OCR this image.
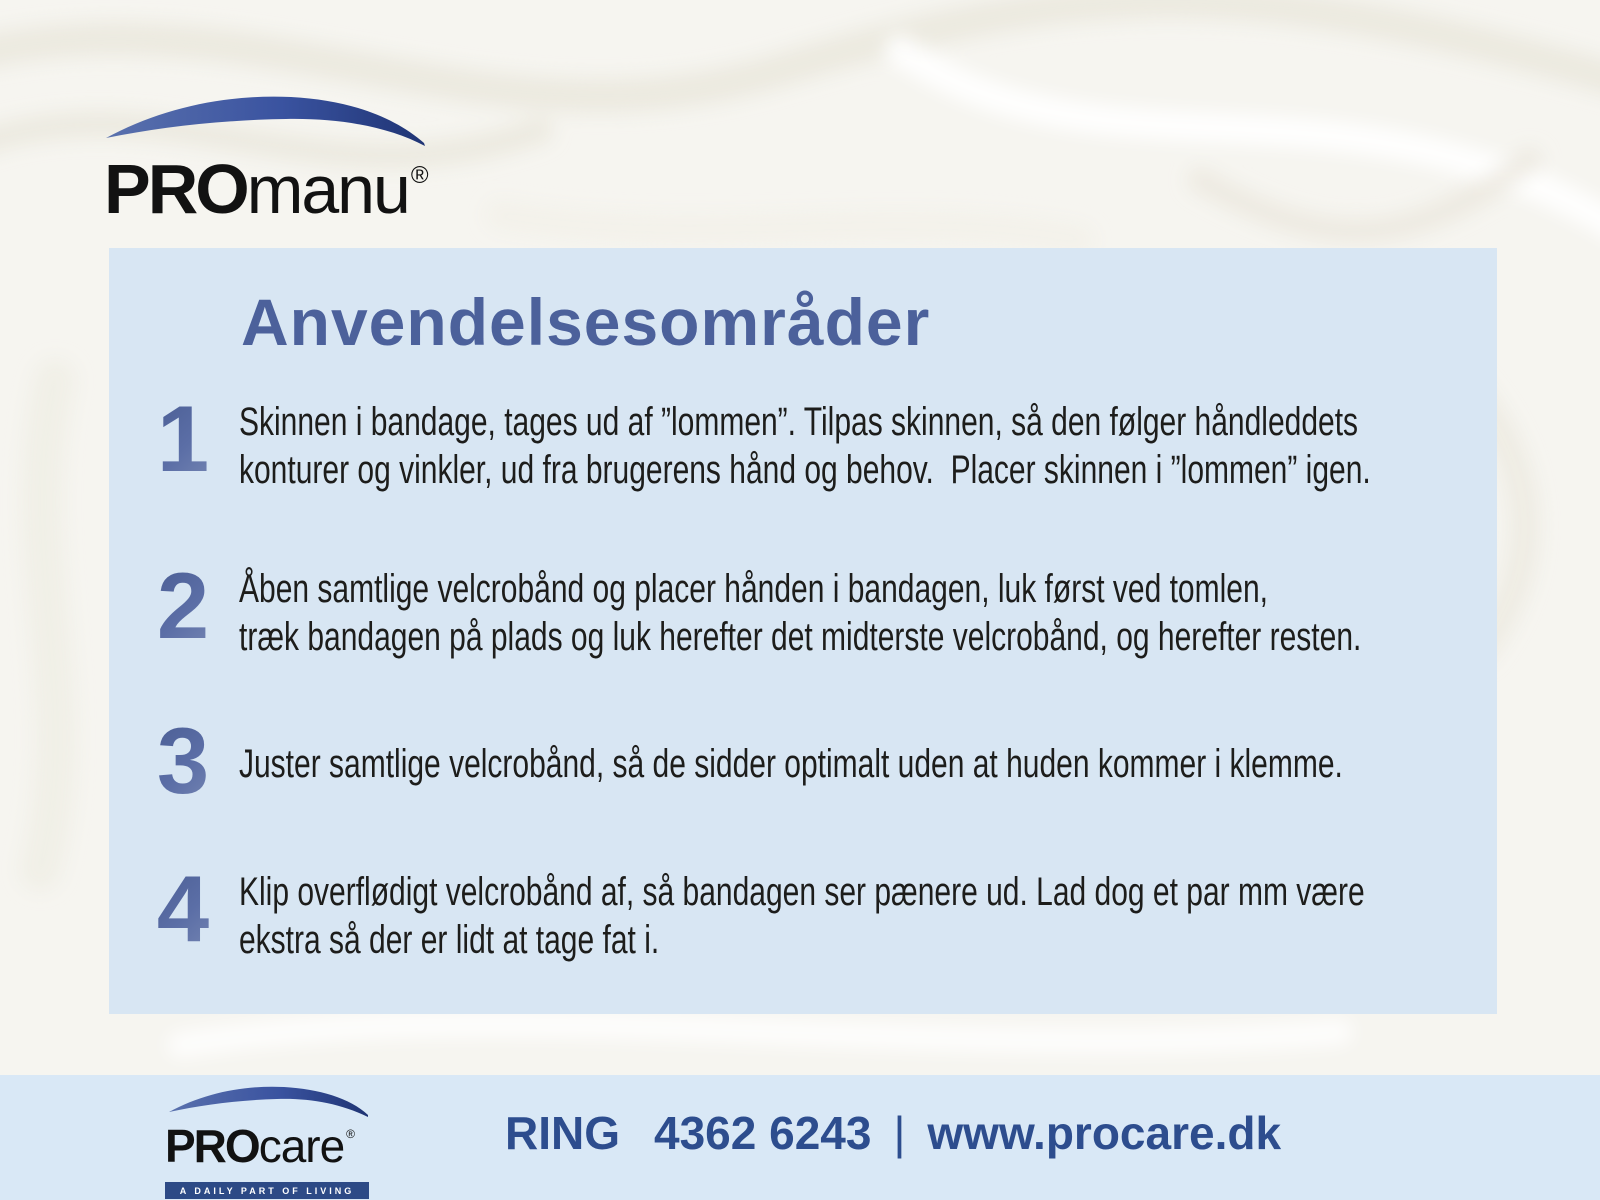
PROmanu®
Anvendelsesområder
1 Skinnen i bandage, tages ud af ”lommen”. Tilpas skinnen, så den følger håndleddets
konturer og vinkler, ud fra brugerens hånd og behov.  Placer skinnen i ”lommen” igen.
2 Åben samtlige velcrobånd og placer hånden i bandagen, luk først ved tomlen,
træk bandagen på plads og luk herefter det midterste velcrobånd, og herefter resten.
3 Juster samtlige velcrobånd, så de sidder optimalt uden at huden kommer i klemme.
4 Klip overflødigt velcrobånd af, så bandagen ser pænere ud. Lad dog et par mm være
ekstra så der er lidt at tage fat i.
PROcare ®
A DAILY PART OF LIVING
RING 4362 6243 | www.procare.dk
